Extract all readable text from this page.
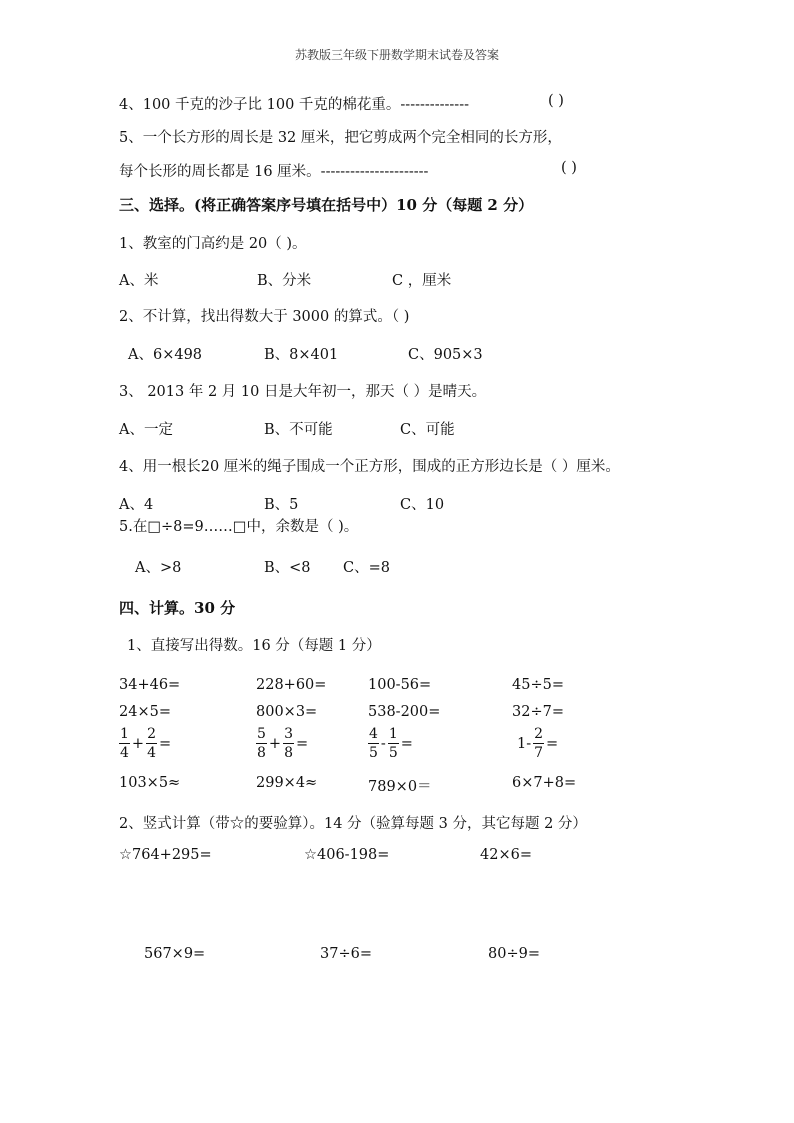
苏教版三年级下册数学期末试卷及答案
4、100 千克的沙子比 100 千克的棉花重。--------------	( )
5、一个长方形的周长是 32 厘米，把它剪成两个完全相同的长方形，
每个长形的周长都是 16 厘米。----------------------	( )
三、选择。(将正确答案序号填在括号中）10 分（每题 2 分）
1、教室的门高约是 20（ )。
A、米	B、分米	C ，厘米
2、不计算，找出得数大于 3000 的算式。（ )
A、6×498	B、8×401	C、905×3
3、 2013 年 2 月 10 日是大年初一，那天（ ）是晴天。
A、一定	B、不可能	C、可能
4、用一根长20 厘米的绳子围成一个正方形，围成的正方形边长是（ ）厘米。
A、4	B、5	C、10
5.在□÷8=9……□中，余数是（ )。
A、>8	B、<8 C、=8
四、计算。30 分
1、直接写出得数。16 分（每题 1 分）
34+46=	228+60=	100-56=	45÷5=
24×5=	800×3=	538-200=	32÷7=
$\frac{1}{4} + \frac{2}{4}$ =	$\frac{5}{8} + \frac{3}{8}$ =	$\frac{4}{5} - \frac{1}{5}$ =	$1- \frac{2}{7}$ =
103×5≈	299×4≈	789×0＝	6×7+8=
2、竖式计算（带☆的要验算）。14 分（验算每题 3 分，其它每题 2 分）
☆764+295=	☆406-198=	42×6=
567×9=	37÷6=	80÷9=
